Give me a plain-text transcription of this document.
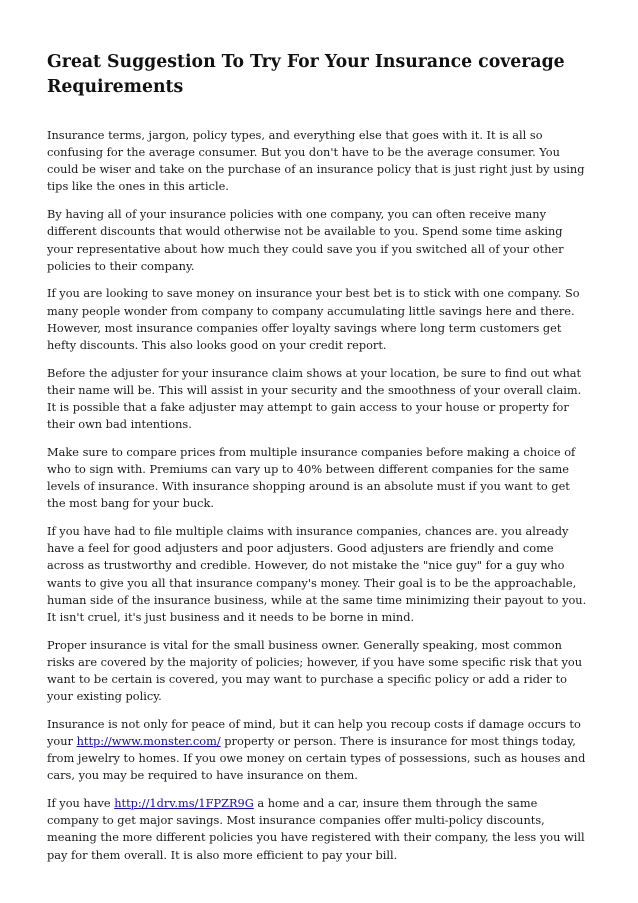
Great Suggestion To Try For Your Insurance coverage Requirements

Insurance terms, jargon, policy types, and everything else that goes with it. It is all so confusing for the average consumer. But you don't have to be the average consumer. You could be wiser and take on the purchase of an insurance policy that is just right just by using tips like the ones in this article.

By having all of your insurance policies with one company, you can often receive many different discounts that would otherwise not be available to you. Spend some time asking your representative about how much they could save you if you switched all of your other policies to their company.

If you are looking to save money on insurance your best bet is to stick with one company. So many people wonder from company to company accumulating little savings here and there. However, most insurance companies offer loyalty savings where long term customers get hefty discounts. This also looks good on your credit report.

Before the adjuster for your insurance claim shows at your location, be sure to find out what their name will be. This will assist in your security and the smoothness of your overall claim. It is possible that a fake adjuster may attempt to gain access to your house or property for their own bad intentions.

Make sure to compare prices from multiple insurance companies before making a choice of who to sign with. Premiums can vary up to 40% between different companies for the same levels of insurance. With insurance shopping around is an absolute must if you want to get the most bang for your buck.

If you have had to file multiple claims with insurance companies, chances are. you already have a feel for good adjusters and poor adjusters. Good adjusters are friendly and come across as trustworthy and credible. However, do not mistake the "nice guy" for a guy who wants to give you all that insurance company's money. Their goal is to be the approachable, human side of the insurance business, while at the same time minimizing their payout to you. It isn't cruel, it's just business and it needs to be borne in mind.

Proper insurance is vital for the small business owner. Generally speaking, most common risks are covered by the majority of policies; however, if you have some specific risk that you want to be certain is covered, you may want to purchase a specific policy or add a rider to your existing policy.

Insurance is not only for peace of mind, but it can help you recoup costs if damage occurs to your http://www.monster.com/ property or person. There is insurance for most things today, from jewelry to homes. If you owe money on certain types of possessions, such as houses and cars, you may be required to have insurance on them.

If you have http://1drv.ms/1FPZR9G a home and a car, insure them through the same company to get major savings. Most insurance companies offer multi-policy discounts, meaning the more different policies you have registered with their company, the less you will pay for them overall. It is also more efficient to pay your bill.
